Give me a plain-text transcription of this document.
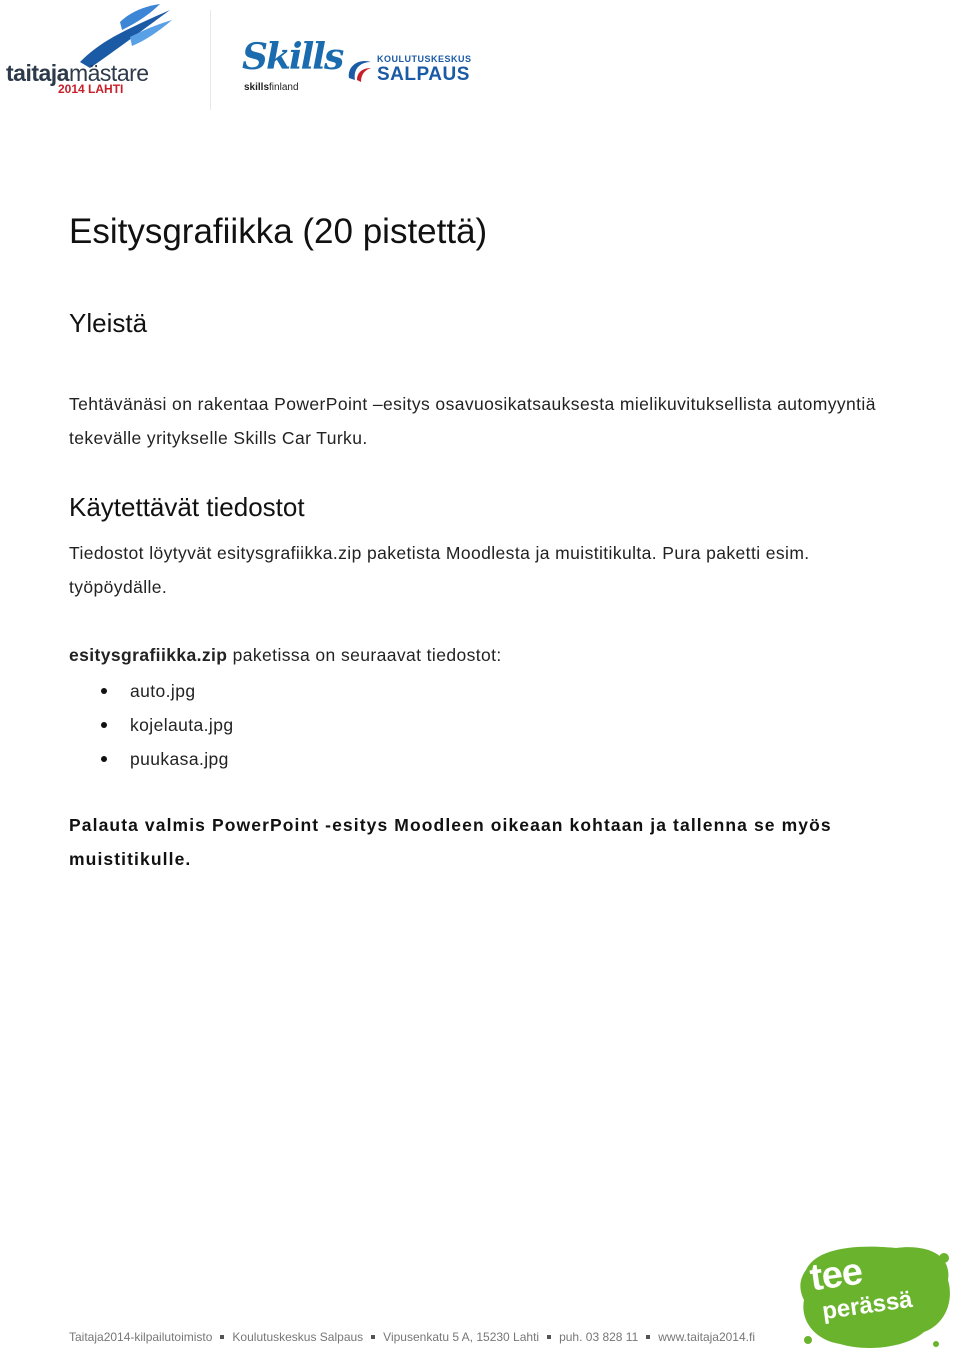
taitajamästare
2014 LAHTI
Skills
skillsfinland
KOULUTUSKESKUS
SALPAUS
Esitysgrafiikka (20 pistettä)
Yleistä

Tehtävänäsi on rakentaa PowerPoint –esitys osavuosikatsauksesta mielikuvituksellista automyyntiä tekevälle yritykselle Skills Car Turku.

Käytettävät tiedostot

Tiedostot löytyvät esitysgrafiikka.zip paketista Moodlesta ja muistitikulta. Pura paketti esim. työpöydälle.

esitysgrafiikka.zip paketissa on seuraavat tiedostot:

auto.jpg
kojelauta.jpg
puukasa.jpg

Palauta valmis PowerPoint -esitys Moodleen oikeaan kohtaan ja tallenna se myös muistitikulle.

Taitaja2014-kilpailutoimisto Koulutuskeskus Salpaus Vipusenkatu 5 A, 15230 Lahti puh. 03 828 11 www.taitaja2014.fi
tee
perässä
